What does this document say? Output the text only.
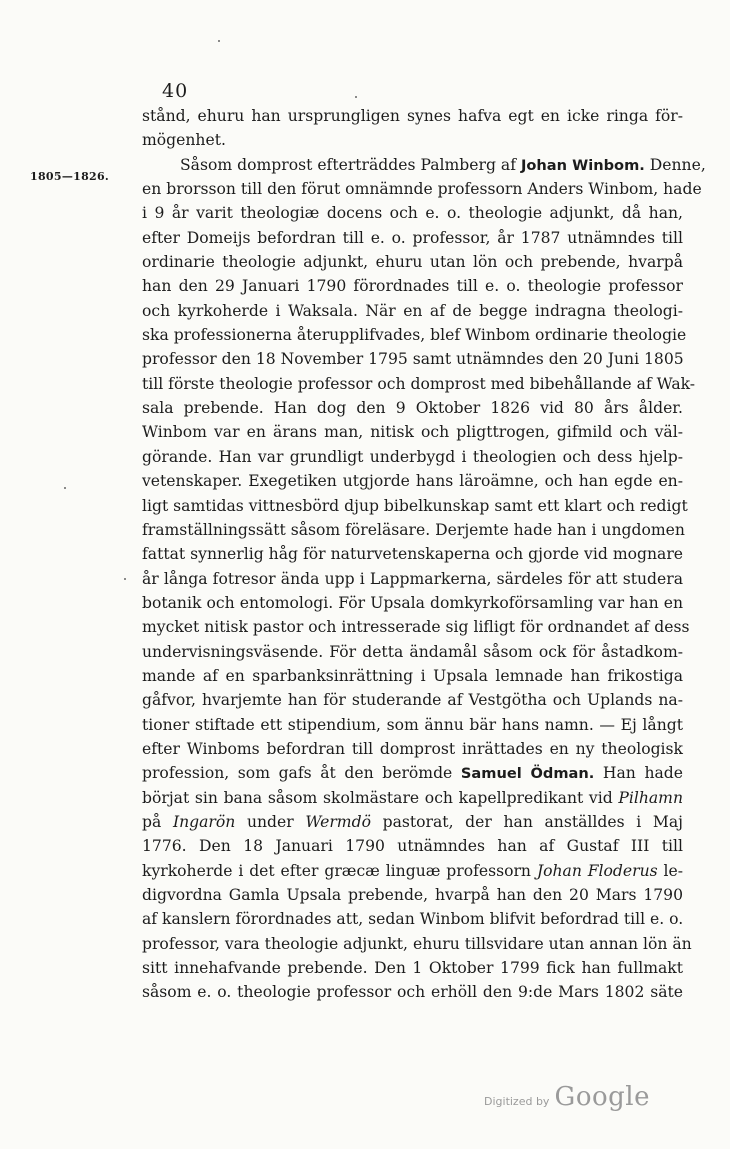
40
1805—1826.
stånd, ehuru han ursprungligen synes hafva egt en icke ringa för-
mögenhet.
Såsom domprost efterträddes Palmberg af Johan Winbom. Denne,
en brorsson till den förut omnämnde professorn Anders Winbom, hade
i 9 år varit theologiæ docens och e. o. theologie adjunkt, då han,
efter Domeijs befordran till e. o. professor, år 1787 utnämndes till
ordinarie theologie adjunkt, ehuru utan lön och prebende, hvarpå
han den 29 Januari 1790 förordnades till e. o. theologie professor
och kyrkoherde i Waksala. När en af de begge indragna theologi-
ska professionerna återupplifvades, blef Winbom ordinarie theologie
professor den 18 November 1795 samt utnämndes den 20 Juni 1805
till förste theologie professor och domprost med bibehållande af Wak-
sala prebende. Han dog den 9 Oktober 1826 vid 80 års ålder.
Winbom var en ärans man, nitisk och pligttrogen, gifmild och väl-
görande. Han var grundligt underbygd i theologien och dess hjelp-
vetenskaper. Exegetiken utgjorde hans läroämne, och han egde en-
ligt samtidas vittnesbörd djup bibelkunskap samt ett klart och redigt
framställningssätt såsom föreläsare. Derjemte hade han i ungdomen
fattat synnerlig håg för naturvetenskaperna och gjorde vid mognare
år långa fotresor ända upp i Lappmarkerna, särdeles för att studera
botanik och entomologi. För Upsala domkyrkoförsamling var han en
mycket nitisk pastor och intresserade sig lifligt för ordnandet af dess
undervisningsväsende. För detta ändamål såsom ock för åstadkom-
mande af en sparbanksinrättning i Upsala lemnade han frikostiga
gåfvor, hvarjemte han för studerande af Vestgötha och Uplands na-
tioner stiftade ett stipendium, som ännu bär hans namn. — Ej långt
efter Winboms befordran till domprost inrättades en ny theologisk
profession, som gafs åt den berömde Samuel Ödman. Han hade
börjat sin bana såsom skolmästare och kapellpredikant vid Pilhamn
på Ingarön under Wermdö pastorat, der han anställdes i Maj
1776. Den 18 Januari 1790 utnämndes han af Gustaf III till
kyrkoherde i det efter græcæ linguæ professorn Johan Floderus le-
digvordna Gamla Upsala prebende, hvarpå han den 20 Mars 1790
af kanslern förordnades att, sedan Winbom blifvit befordrad till e. o.
professor, vara theologie adjunkt, ehuru tillsvidare utan annan lön än
sitt innehafvande prebende. Den 1 Oktober 1799 fick han fullmakt
såsom e. o. theologie professor och erhöll den 9:de Mars 1802 säte
Digitized by Google
